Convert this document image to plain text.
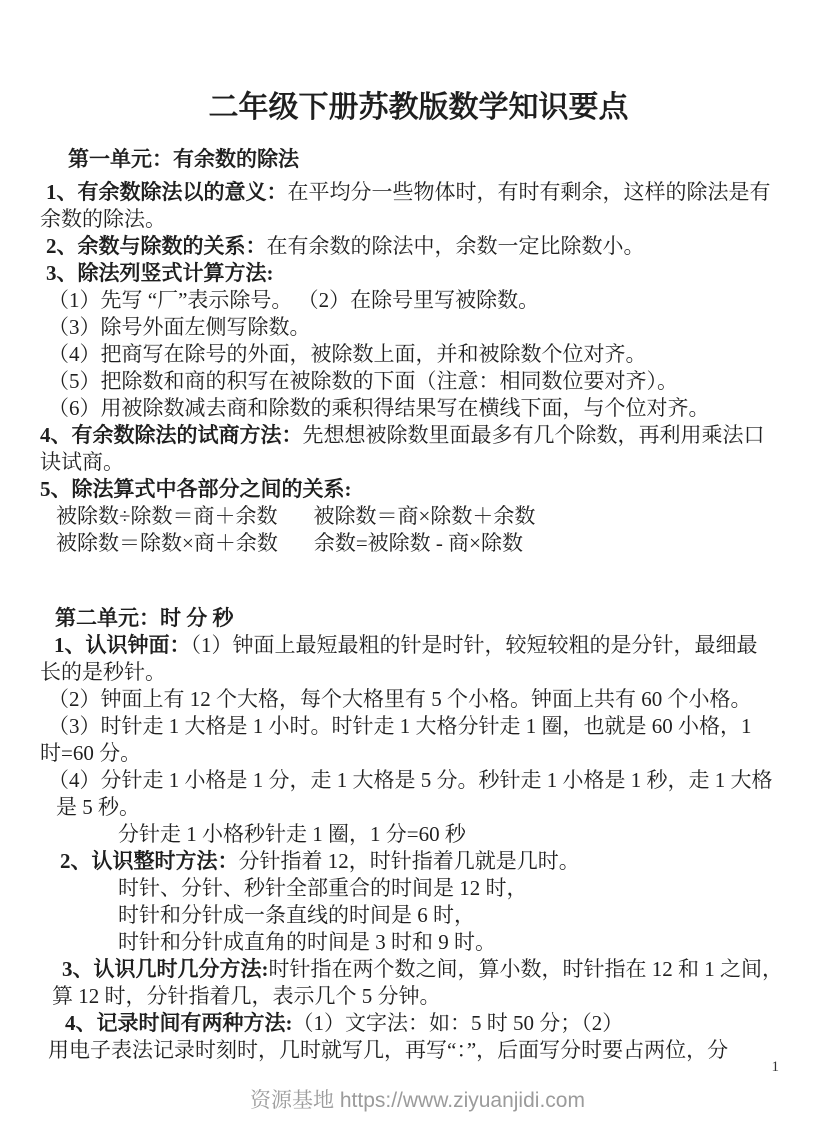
二年级下册苏教版数学知识要点

第一单元：有余数的除法

1、有余数除法以的意义：在平均分一些物体时，有时有剩余，这样的除法是有

余数的除法。

2、余数与除数的关系：在有余数的除法中，余数一定比除数小。

3、除法列竖式计算方法:

（1）先写 “厂”表示除号。 （2）在除号里写被除数。

（3）除号外面左侧写除数。

（4）把商写在除号的外面，被除数上面，并和被除数个位对齐。

（5）把除数和商的积写在被除数的下面（注意：相同数位要对齐）。

（6）用被除数减去商和除数的乘积得结果写在横线下面，与个位对齐。

4、有余数除法的试商方法：先想想被除数里面最多有几个除数，再利用乘法口

诀试商。

5、除法算式中各部分之间的关系:

被除数÷除数＝商＋余数 被除数＝商×除数＋余数

被除数＝除数×商＋余数 余数=被除数 - 商×除数

第二单元：时 分 秒

1、认识钟面：（1）钟面上最短最粗的针是时针，较短较粗的是分针，最细最

长的是秒针。

（2）钟面上有 12 个大格，每个大格里有 5 个小格。钟面上共有 60 个小格。

（3）时针走 1 大格是 1 小时。时针走 1 大格分针走 1 圈，也就是 60 小格，1

时=60 分。

（4）分针走 1 小格是 1 分，走 1 大格是 5 分。秒针走 1 小格是 1 秒，走 1 大格

是 5 秒。

分针走 1 小格秒针走 1 圈，1 分=60 秒

2、认识整时方法：分针指着 12，时针指着几就是几时。

时针、分针、秒针全部重合的时间是 12 时，

时针和分针成一条直线的时间是 6 时，

时针和分针成直角的时间是 3 时和 9 时。

3、认识几时几分方法:时针指在两个数之间，算小数，时针指在 12 和 1 之间，

算 12 时，分针指着几，表示几个 5 分钟。

4、记录时间有两种方法:（1）文字法：如：5 时 50 分；（2）

用电子表法记录时刻时，几时就写几，再写“：”，后面写分时要占两位，分

1
资源基地 https://www.ziyuanjidi.com
